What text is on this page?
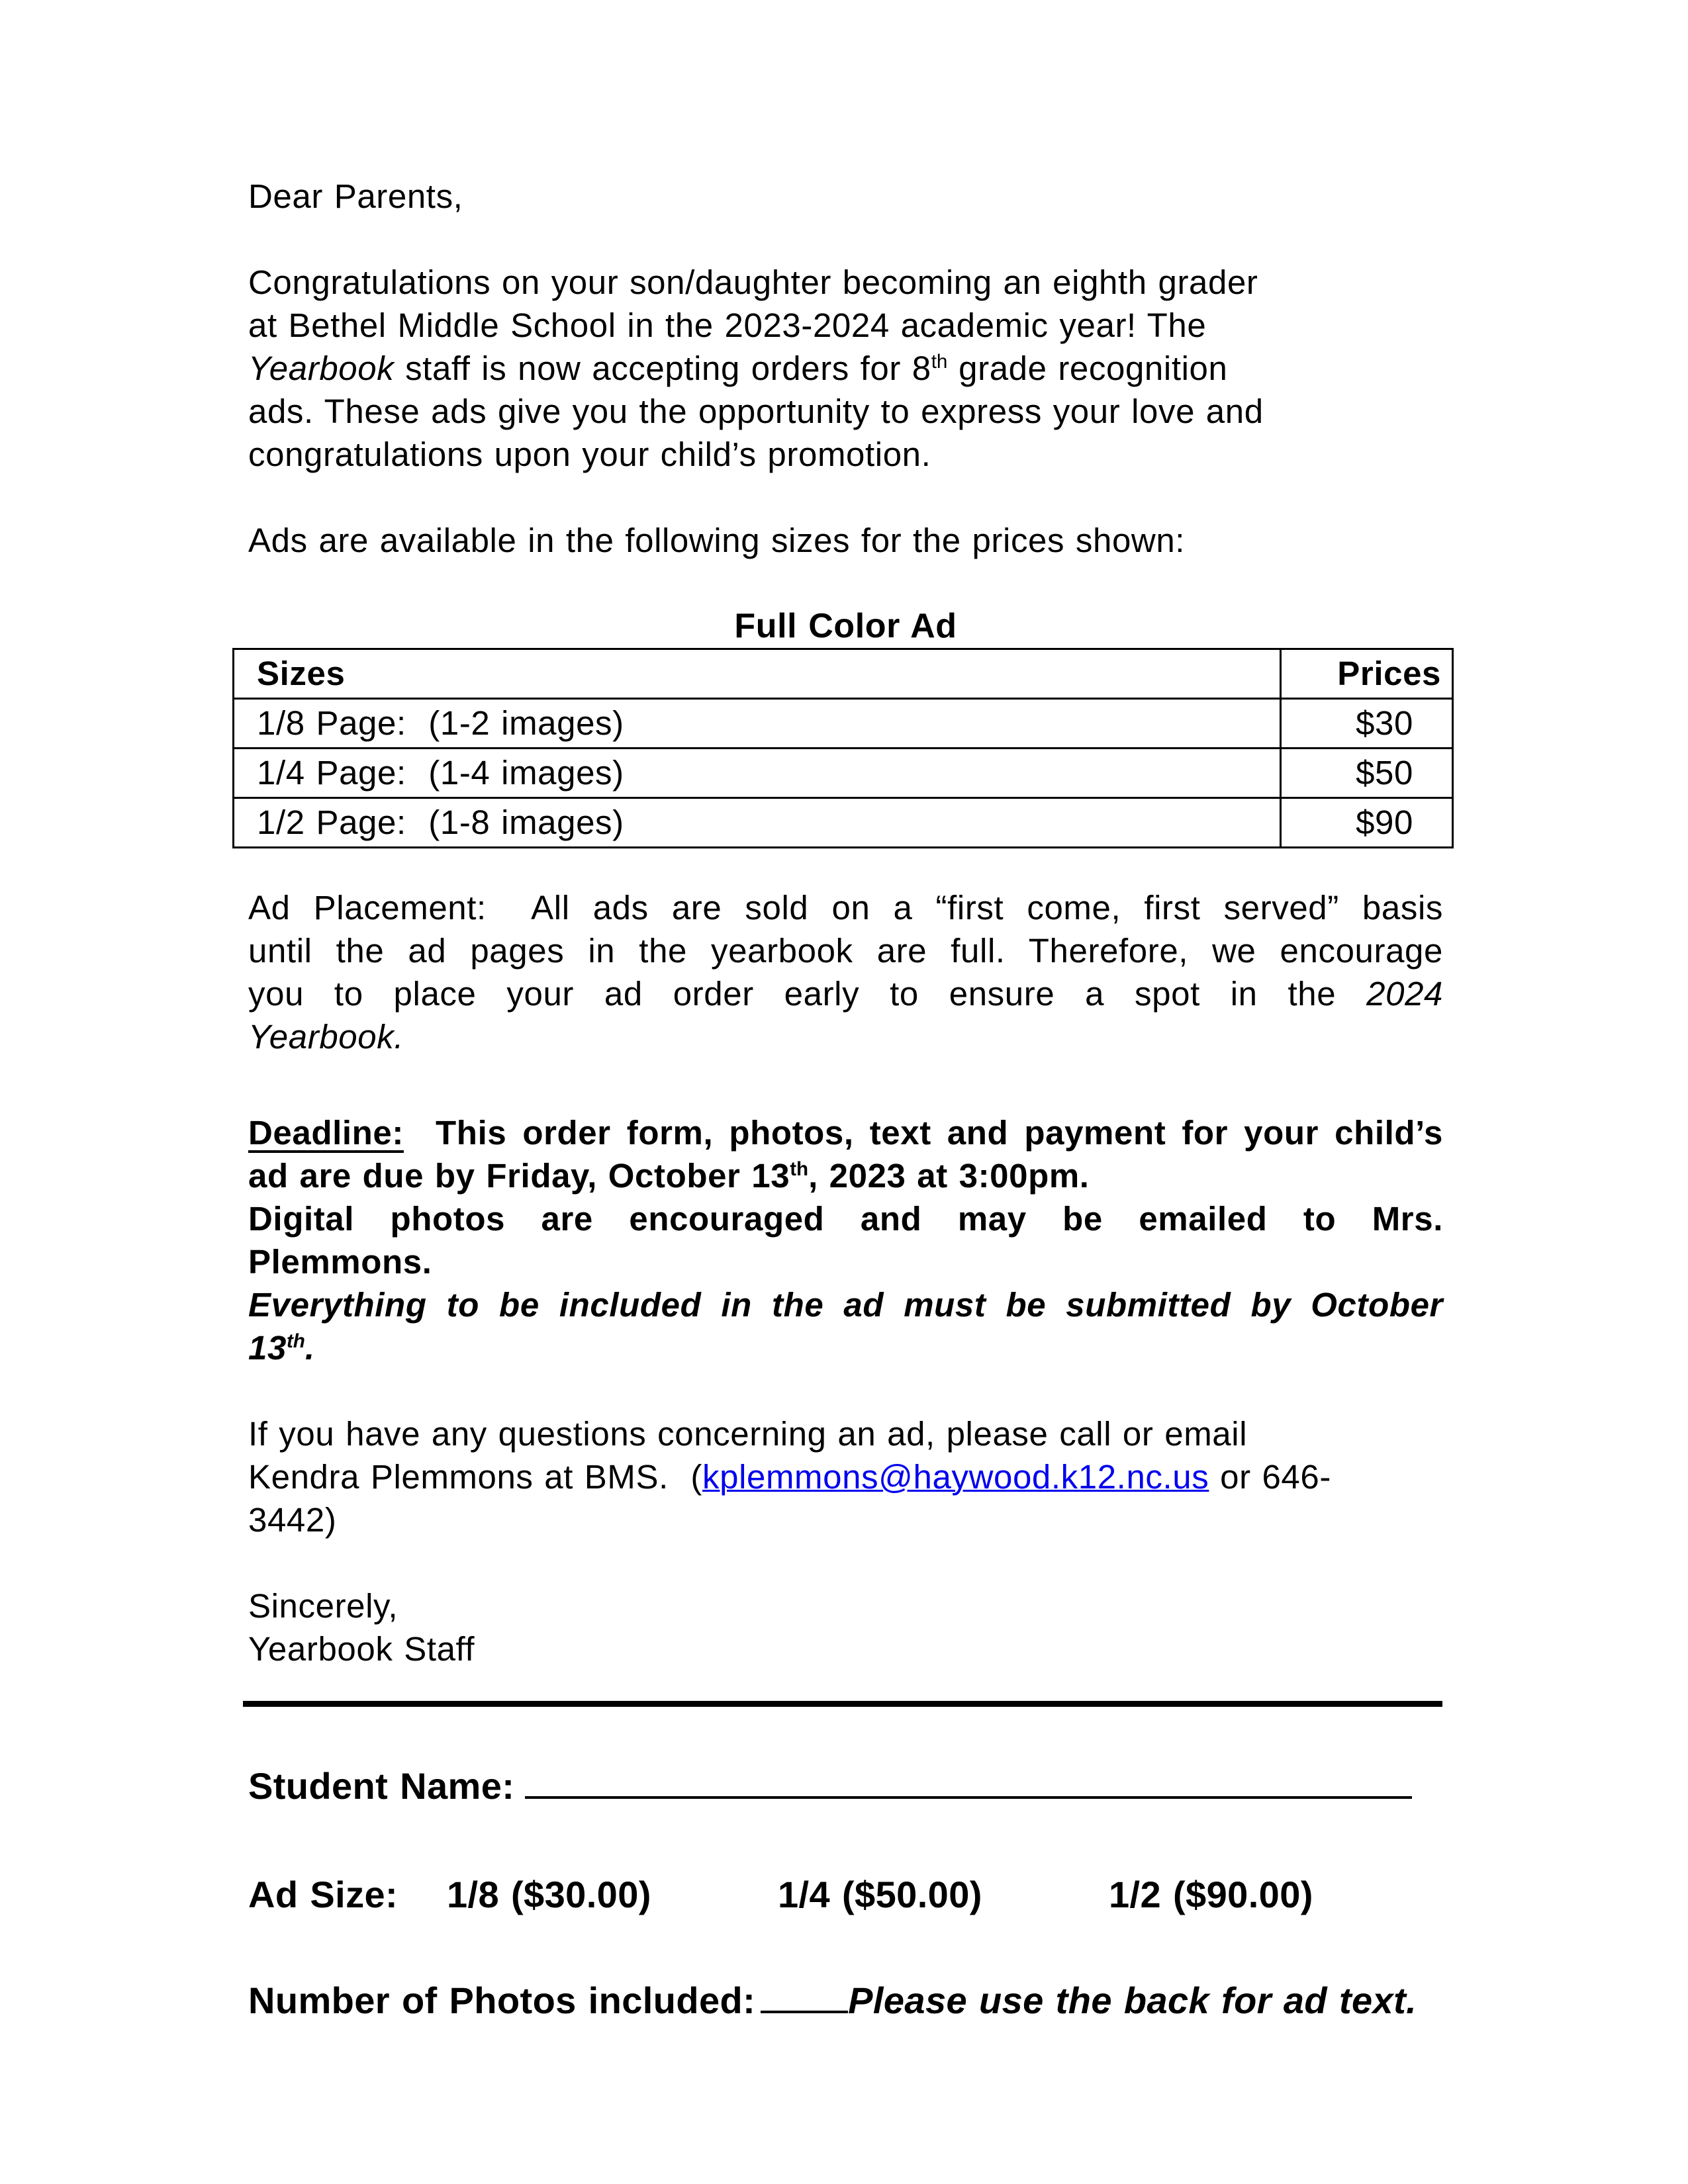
Dear Parents,
Congratulations on your son/daughter becoming an eighth grader
at Bethel Middle School in the 2023-2024 academic year! The
Yearbook staff is now accepting orders for 8th grade recognition
ads. These ads give you the opportunity to express your love and
congratulations upon your child’s promotion.
Ads are available in the following sizes for the prices shown:
Full Color Ad
Sizes	Prices
1/8 Page:  (1-2 images)	$30
1/4 Page:  (1-4 images)	$50
1/2 Page:  (1-8 images)	$90
Ad Placement:  All ads are sold on a “first come, first served” basis
until the ad pages in the yearbook are full. Therefore, we encourage
you to place your ad order early to ensure a spot in the 2024
Yearbook.
Deadline:  This order form, photos, text and payment for your child’s
ad are due by Friday, October 13th, 2023 at 3:00pm.
Digital photos are encouraged and may be emailed to Mrs.
Plemmons.
Everything to be included in the ad must be submitted by October
13th.
If you have any questions concerning an ad, please call or email
Kendra Plemmons at BMS.  (kplemmons@haywood.k12.nc.us or 646-
3442)
Sincerely,
Yearbook Staff
Student Name:
Ad Size: 1/8 ($30.00)	1/4 ($50.00)	1/2 ($90.00)
Number of Photos included:	Please use the back for ad text.
